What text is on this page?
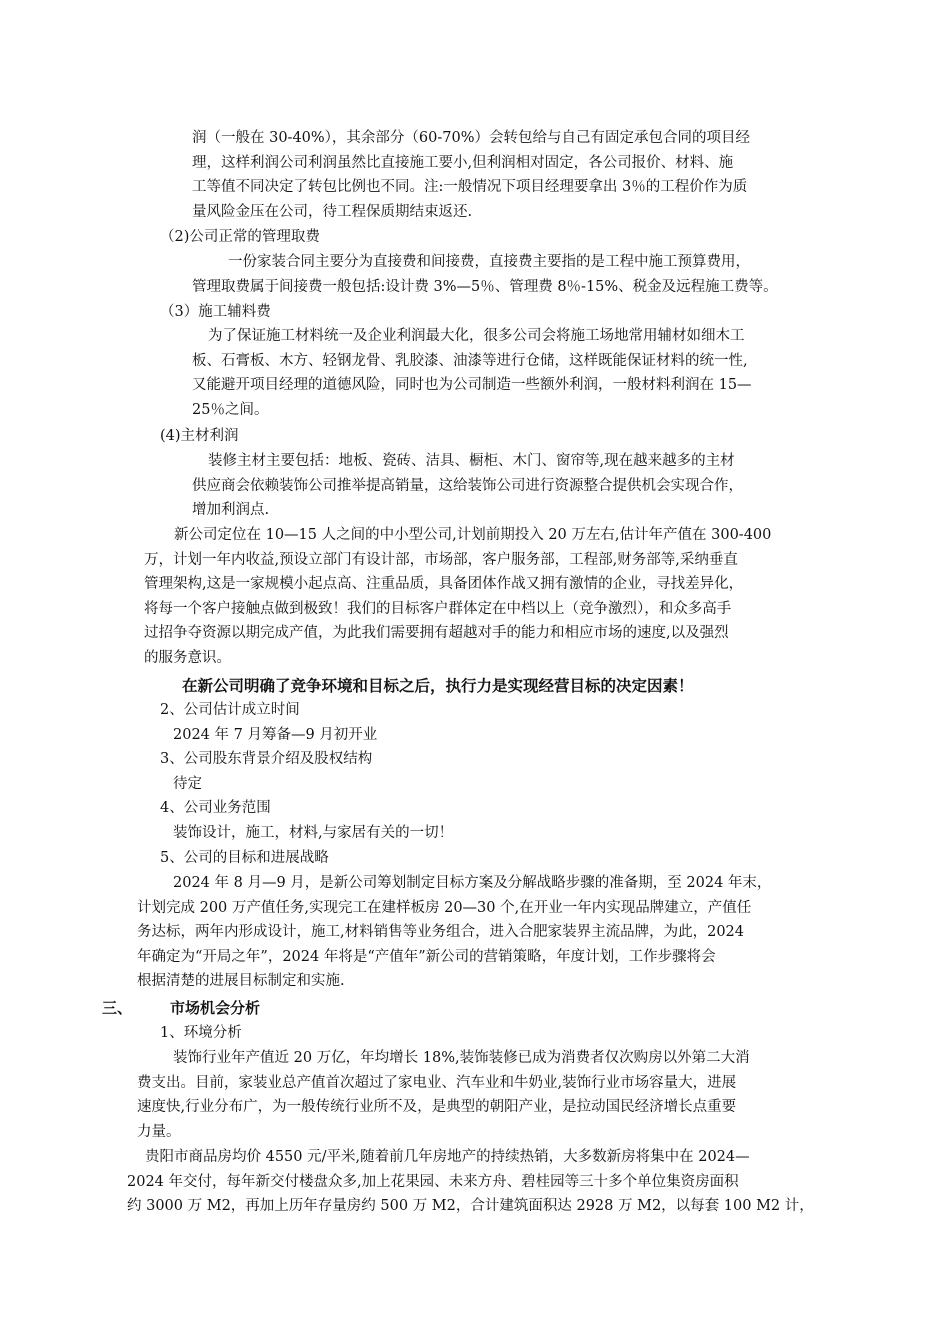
润（一般在 30-40%），其余部分（60-70%）会转包给与自己有固定承包合同的项目经
理，这样利润公司利润虽然比直接施工要小,但利润相对固定，各公司报价、材料、施
工等值不同决定了转包比例也不同。注:一般情况下项目经理要拿出 3％的工程价作为质
量风险金压在公司，待工程保质期结束返还.
（2)公司正常的管理取费
一份家装合同主要分为直接费和间接费，直接费主要指的是工程中施工预算费用，
管理取费属于间接费一般包括:设计费 3%—5％、管理费 8％-15%、税金及远程施工费等。
（3）施工辅料费
为了保证施工材料统一及企业利润最大化，很多公司会将施工场地常用辅材如细木工
板、石膏板、木方、轻钢龙骨、乳胶漆、油漆等进行仓储，这样既能保证材料的统一性,
又能避开项目经理的道德风险，同时也为公司制造一些额外利润，一般材料利润在 15—
25％之间。
(4)主材利润
装修主材主要包括：地板、瓷砖、洁具、橱柜、木门、窗帘等,现在越来越多的主材
供应商会依赖装饰公司推举提高销量，这给装饰公司进行资源整合提供机会实现合作，
增加利润点.
新公司定位在 10—15 人之间的中小型公司,计划前期投入 20 万左右,估计年产值在 300-400
万，计划一年内收益,预设立部门有设计部，市场部，客户服务部，工程部,财务部等,采纳垂直
管理架构,这是一家规模小起点高、注重品质，具备团体作战又拥有激情的企业，寻找差异化，
将每一个客户接触点做到极致！我们的目标客户群体定在中档以上（竞争激烈），和众多高手
过招争夺资源以期完成产值，为此我们需要拥有超越对手的能力和相应市场的速度,以及强烈
的服务意识。
在新公司明确了竞争环境和目标之后，执行力是实现经营目标的决定因素！
2、公司估计成立时间
2024 年 7 月筹备—9 月初开业
3、公司股东背景介绍及股权结构
待定
4、公司业务范围
装饰设计，施工，材料,与家居有关的一切！
5、公司的目标和进展战略
2024 年 8 月—9 月，是新公司筹划制定目标方案及分解战略步骤的准备期，至 2024 年末，
计划完成 200 万产值任务,实现完工在建样板房 20—30 个,在开业一年内实现品牌建立，产值任
务达标，两年内形成设计，施工,材料销售等业务组合，进入合肥家装界主流品牌，为此，2024
年确定为“开局之年”，2024 年将是“产值年”新公司的营销策略，年度计划，工作步骤将会
根据清楚的进展目标制定和实施.
三、	市场机会分析
1、环境分析
装饰行业年产值近 20 万亿，年均增长 18%,装饰装修已成为消费者仅次购房以外第二大消
费支出。目前，家装业总产值首次超过了家电业、汽车业和牛奶业,装饰行业市场容量大，进展
速度快,行业分布广，为一般传统行业所不及，是典型的朝阳产业，是拉动国民经济增长点重要
力量。
贵阳市商品房均价 4550 元/平米,随着前几年房地产的持续热销，大多数新房将集中在 2024—
2024 年交付，每年新交付楼盘众多,加上花果园、未来方舟、碧桂园等三十多个单位集资房面积
约 3000 万 M2，再加上历年存量房约 500 万 M2，合计建筑面积达 2928 万 M2，以每套 100 M2 计，
